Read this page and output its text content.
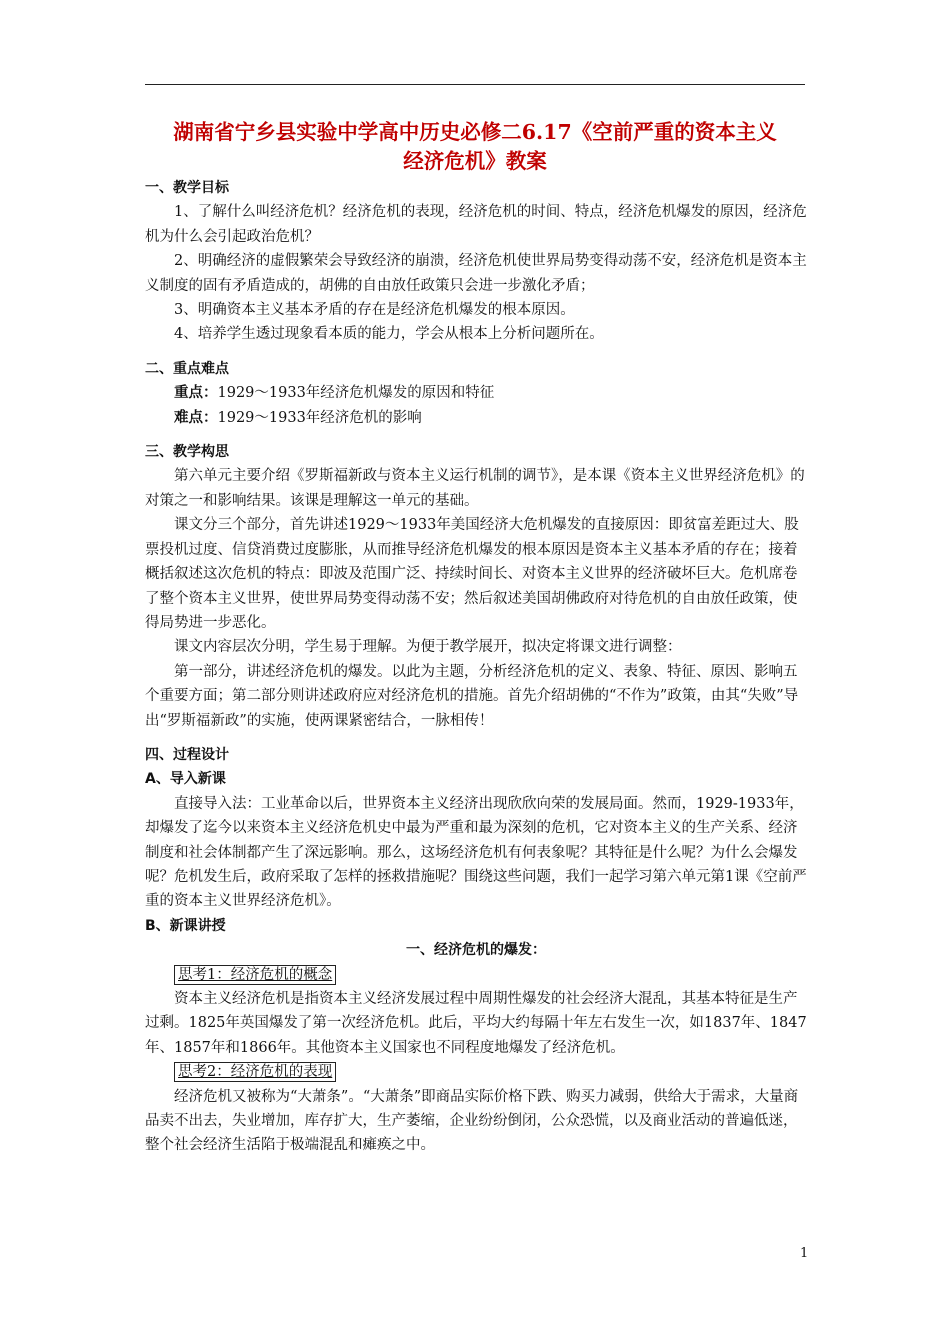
湖南省宁乡县实验中学高中历史必修二6.17《空前严重的资本主义
经济危机》教案

一、教学目标

1、了解什么叫经济危机？经济危机的表现，经济危机的时间、特点，经济危机爆发的原因，经济危机为什么会引起政治危机？

2、明确经济的虚假繁荣会导致经济的崩溃，经济危机使世界局势变得动荡不安，经济危机是资本主义制度的固有矛盾造成的，胡佛的自由放任政策只会进一步激化矛盾；

3、明确资本主义基本矛盾的存在是经济危机爆发的根本原因。

4、培养学生透过现象看本质的能力，学会从根本上分析问题所在。

二、重点难点

重点：1929～1933年经济危机爆发的原因和特征

难点：1929～1933年经济危机的影响

三、教学构思

第六单元主要介绍《罗斯福新政与资本主义运行机制的调节》，是本课《资本主义世界经济危机》的对策之一和影响结果。该课是理解这一单元的基础。

课文分三个部分，首先讲述1929～1933年美国经济大危机爆发的直接原因：即贫富差距过大、股票投机过度、信贷消费过度膨胀，从而推导经济危机爆发的根本原因是资本主义基本矛盾的存在；接着概括叙述这次危机的特点：即波及范围广泛、持续时间长、对资本主义世界的经济破坏巨大。危机席卷了整个资本主义世界，使世界局势变得动荡不安；然后叙述美国胡佛政府对待危机的自由放任政策，使得局势进一步恶化。

课文内容层次分明，学生易于理解。为便于教学展开，拟决定将课文进行调整：

第一部分，讲述经济危机的爆发。以此为主题，分析经济危机的定义、表象、特征、原因、影响五个重要方面；第二部分则讲述政府应对经济危机的措施。首先介绍胡佛的“不作为”政策，由其“失败”导出“罗斯福新政”的实施，使两课紧密结合，一脉相传！

四、过程设计

A、导入新课

直接导入法：工业革命以后，世界资本主义经济出现欣欣向荣的发展局面。然而，1929-1933年，却爆发了迄今以来资本主义经济危机史中最为严重和最为深刻的危机，它对资本主义的生产关系、经济制度和社会体制都产生了深远影响。那么，这场经济危机有何表象呢？其特征是什么呢？为什么会爆发呢？危机发生后，政府采取了怎样的拯救措施呢？围绕这些问题，我们一起学习第六单元第1课《空前严重的资本主义世界经济危机》。

B、新课讲授

一、经济危机的爆发：

思考1：经济危机的概念

资本主义经济危机是指资本主义经济发展过程中周期性爆发的社会经济大混乱，其基本特征是生产过剩。1825年英国爆发了第一次经济危机。此后，平均大约每隔十年左右发生一次，如1837年、1847年、1857年和1866年。其他资本主义国家也不同程度地爆发了经济危机。

思考2：经济危机的表现

经济危机又被称为“大萧条”。“大萧条”即商品实际价格下跌、购买力减弱，供给大于需求，大量商品卖不出去，失业增加，库存扩大，生产萎缩，企业纷纷倒闭，公众恐慌，以及商业活动的普遍低迷，整个社会经济生活陷于极端混乱和瘫痪之中。

1
